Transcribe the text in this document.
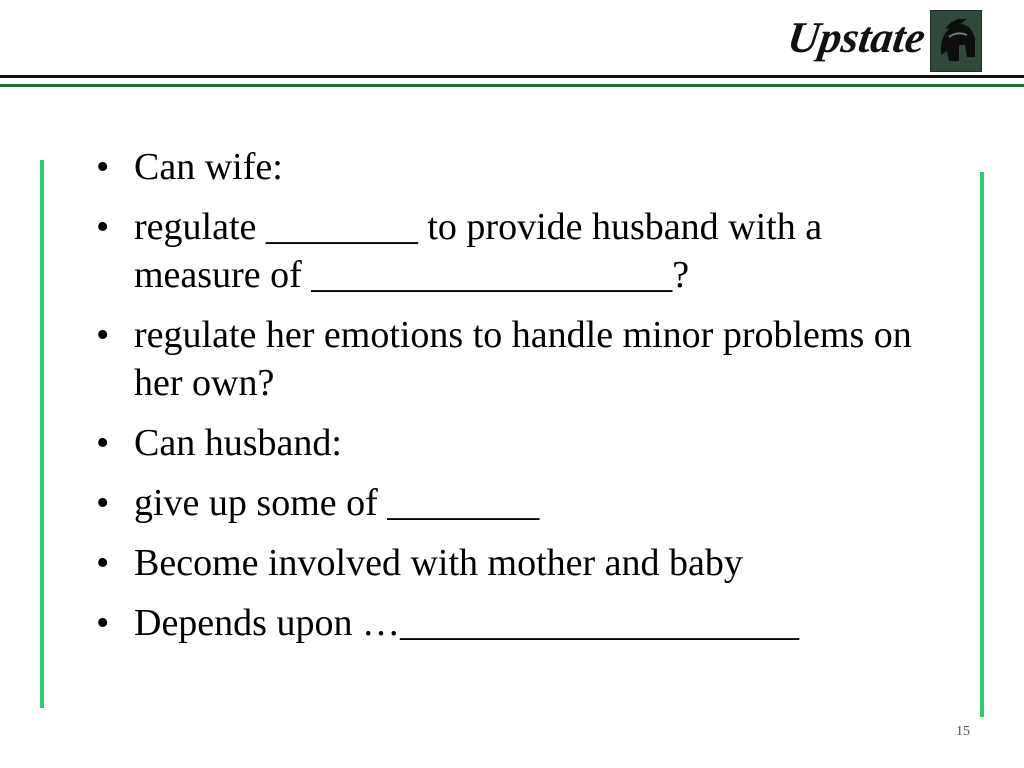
Upstate
• Can wife:
• regulate ________ to provide husband with a measure of ___________________?
• regulate her emotions to handle minor problems on her own?
• Can husband:
• give up some of ________
• Become involved with mother and baby
• Depends upon …_____________________
15
